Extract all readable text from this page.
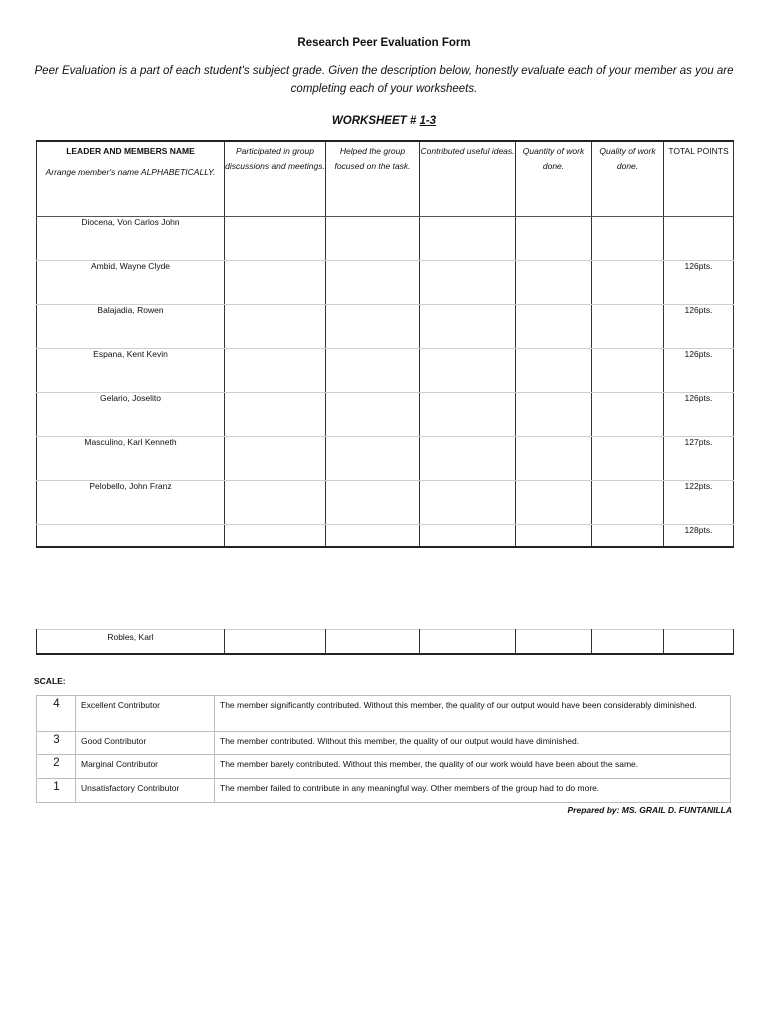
Research Peer Evaluation Form
Peer Evaluation is a part of each student's subject grade. Given the description below, honestly evaluate each of your member as you are completing each of your worksheets.
WORKSHEET # 1-3
LEADER AND MEMBERS NAME
Arrange member's name ALPHABETICALLY.	Participated in group discussions and meetings.	Helped the group focused on the task.	Contributed useful ideas.	Quantity of work done.	Quality of work done.	TOTAL POINTS
Diocena, Von Carlos John						
Ambid, Wayne Clyde						126pts.
Balajadia, Rowen						126pts.
Espana, Kent Kevin						126pts.
Gelario, Joselito						126pts.
Masculino, Karl Kenneth						127pts.
Pelobello, John Franz						122pts.
						128pts.
Robles, Karl						
SCALE:
4	Excellent Contributor	The member significantly contributed. Without this member, the quality of our output would have been considerably diminished.
3	Good Contributor	The member contributed. Without this member, the quality of our output would have diminished.
2	Marginal Contributor	The member barely contributed. Without this member, the quality of our work would have been about the same.
1	Unsatisfactory Contributor	The member failed to contribute in any meaningful way. Other members of the group had to do more.
Prepared by: MS. GRAIL D. FUNTANILLA
